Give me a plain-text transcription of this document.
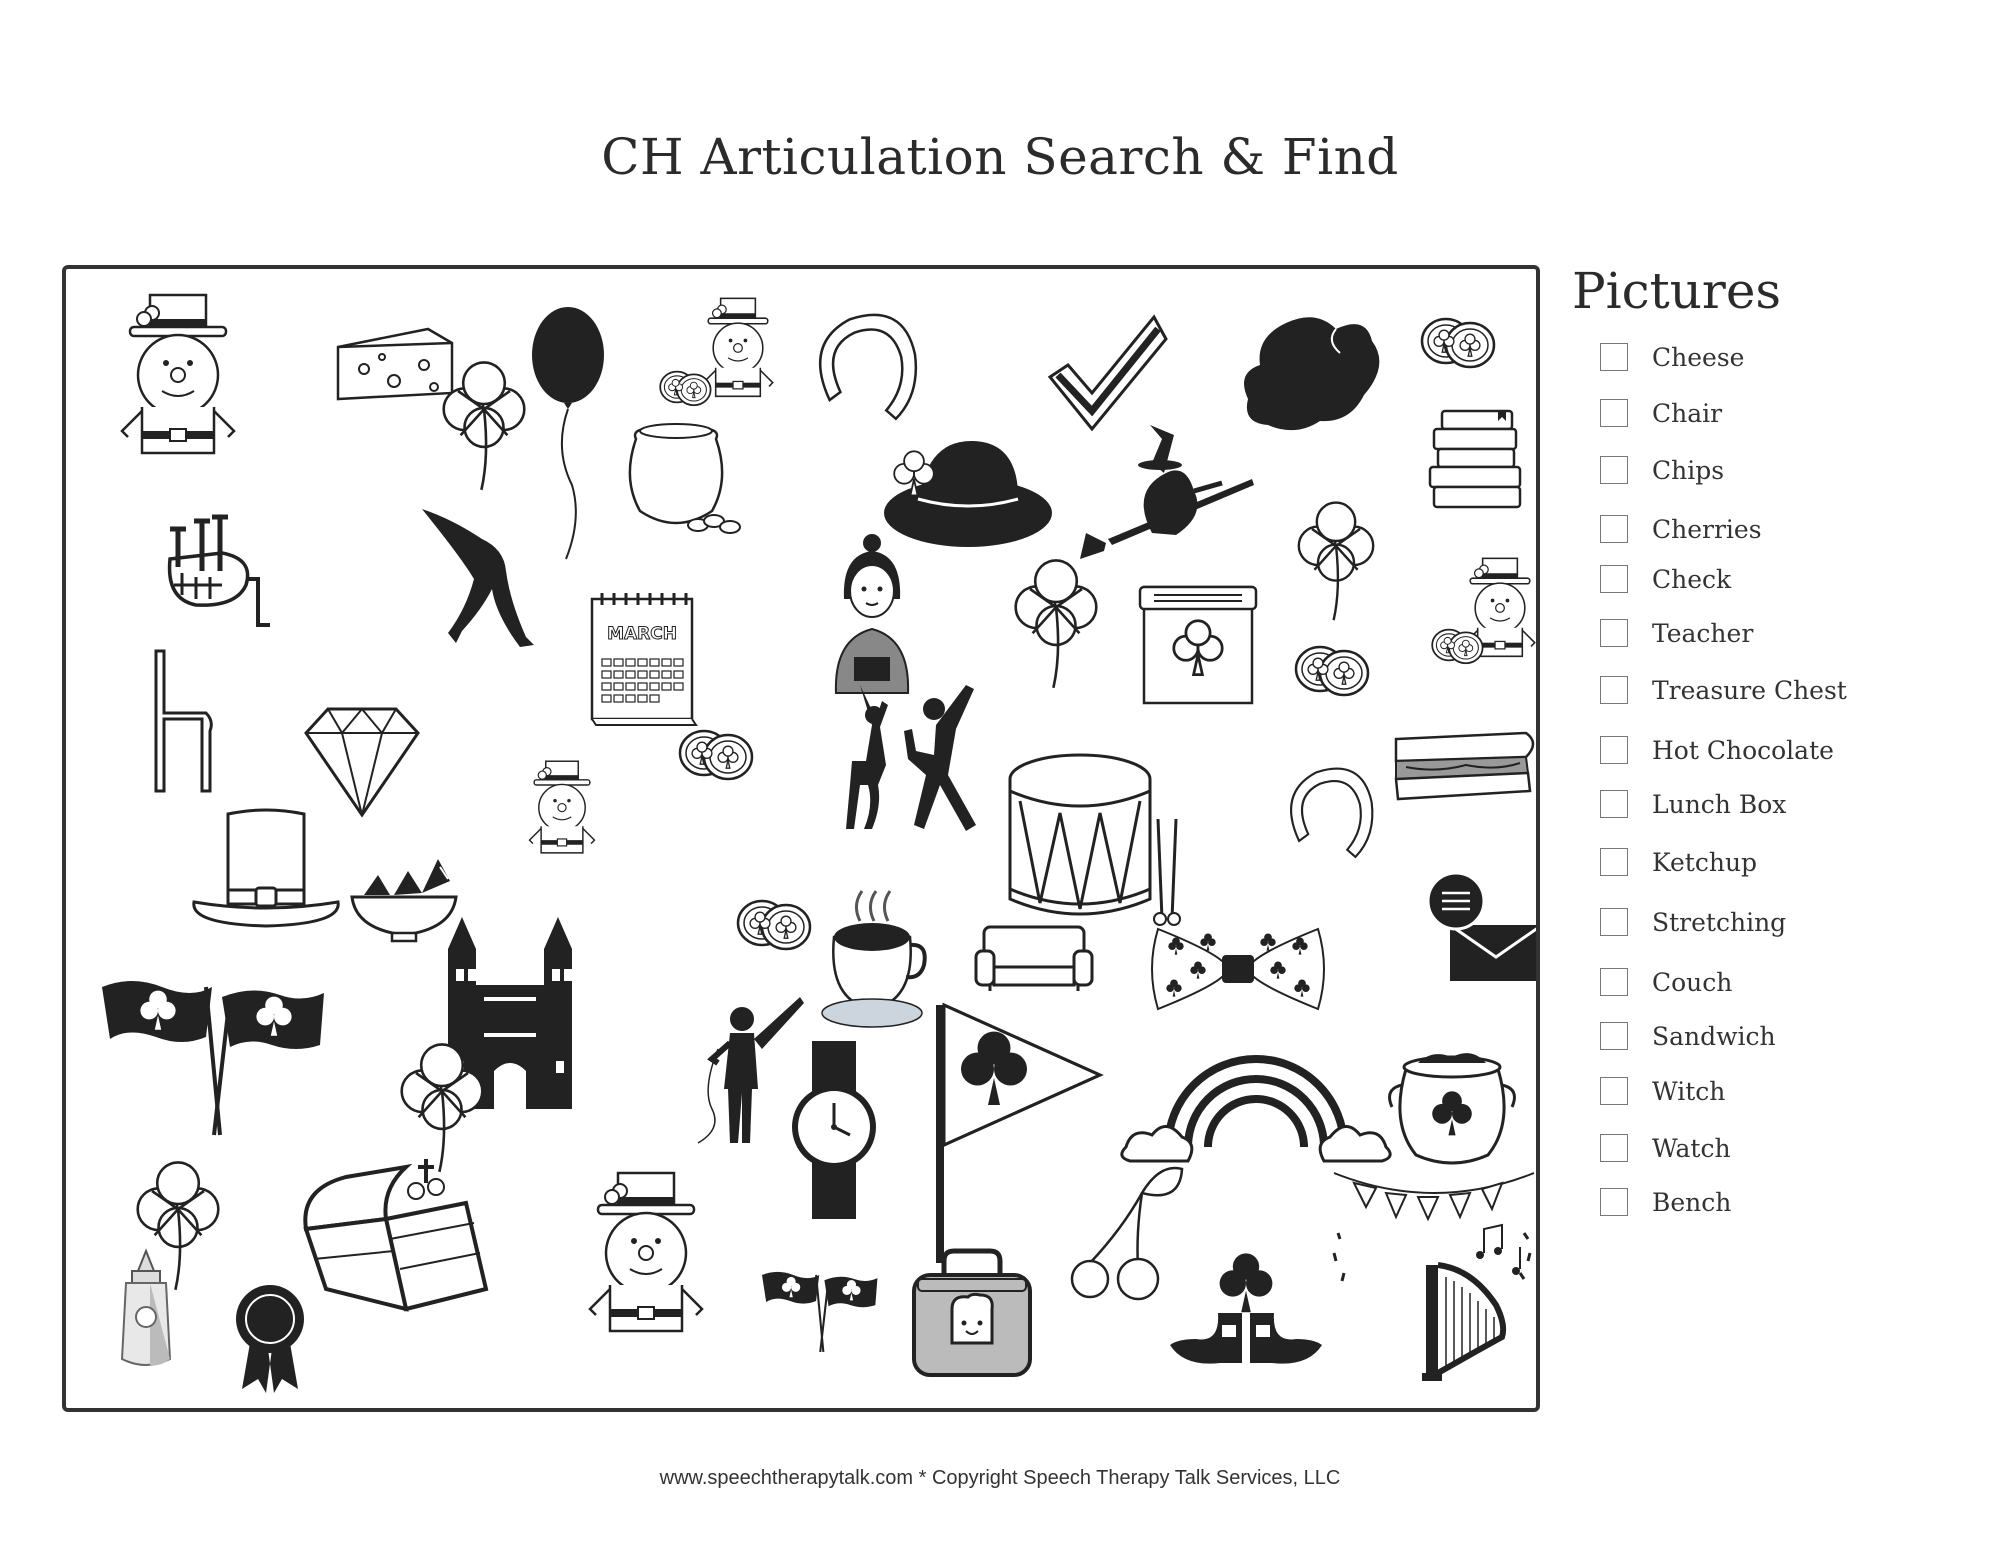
CH Articulation Search & Find
MARCH
Pictures
Cheese
Chair
Chips
Cherries
Check
Teacher
Treasure Chest
Hot Chocolate
Lunch Box
Ketchup
Stretching
Couch
Sandwich
Witch
Watch
Bench
www.speechtherapytalk.com * Copyright Speech Therapy Talk Services, LLC
